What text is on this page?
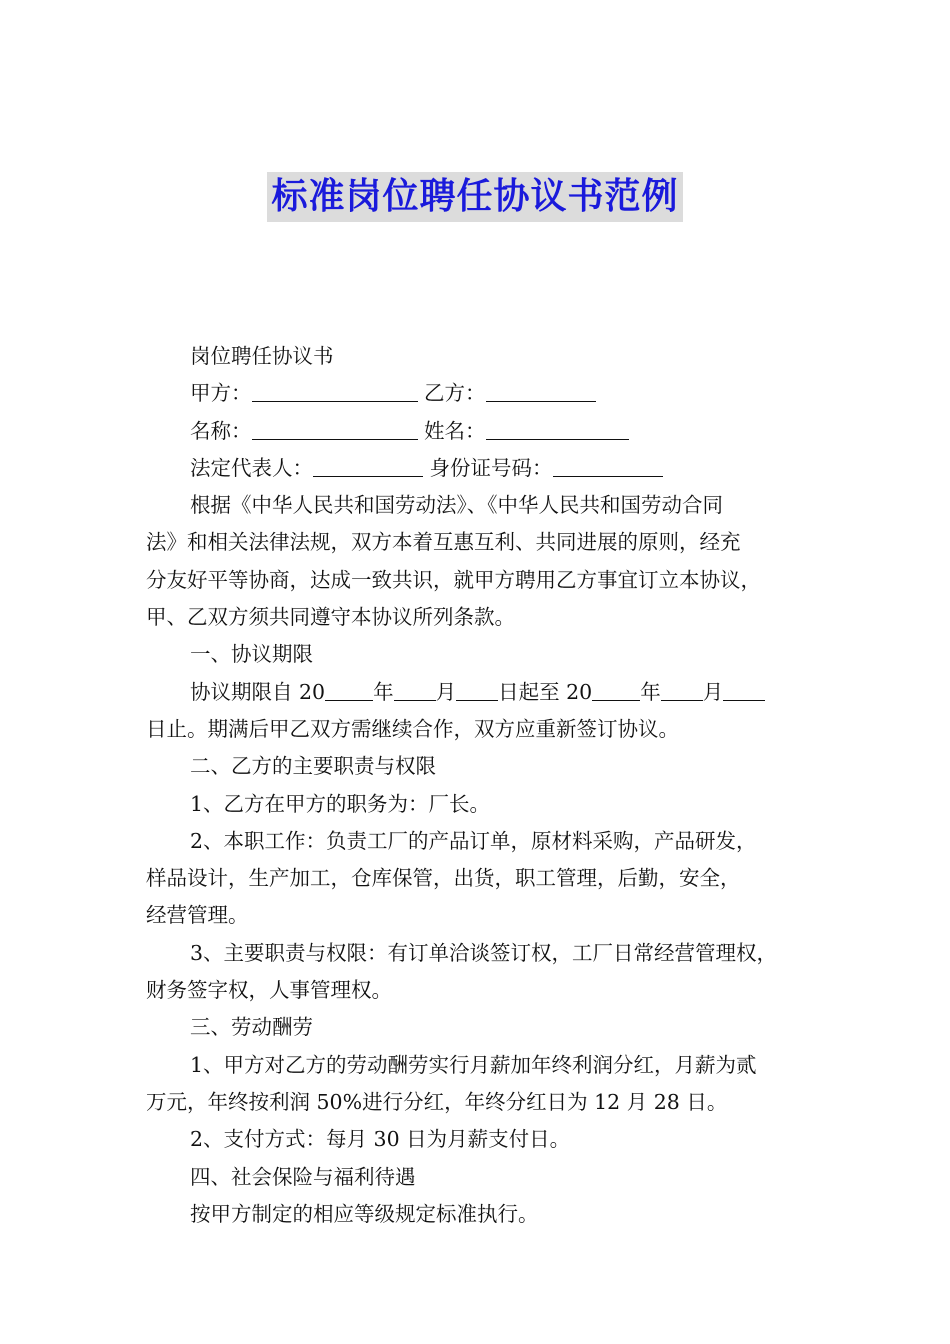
标准岗位聘任协议书范例
岗位聘任协议书
甲方：	乙方：
名称：	姓名：
法定代表人：	身份证号码：
根据《中华人民共和国劳动法》、《中华人民共和国劳动合同
法》和相关法律法规，双方本着互惠互利、共同进展的原则，经充
分友好平等协商，达成一致共识，就甲方聘用乙方事宜订立本协议，
甲、乙双方须共同遵守本协议所列条款。
一、协议期限
协议期限自 20 年 月 日起至 20 年 月
日止。期满后甲乙双方需继续合作，双方应重新签订协议。
二、乙方的主要职责与权限
1、乙方在甲方的职务为：厂长。
2、本职工作：负责工厂的产品订单，原材料采购，产品研发，
样品设计，生产加工，仓库保管，出货，职工管理，后勤，安全，
经营管理。
3、主要职责与权限：有订单洽谈签订权，工厂日常经营管理权，
财务签字权，人事管理权。
三、劳动酬劳
1、甲方对乙方的劳动酬劳实行月薪加年终利润分红，月薪为贰
万元，年终按利润 50%进行分红，年终分红日为 12 月 28 日。
2、支付方式：每月 30 日为月薪支付日。
四、社会保险与福利待遇
按甲方制定的相应等级规定标准执行。
